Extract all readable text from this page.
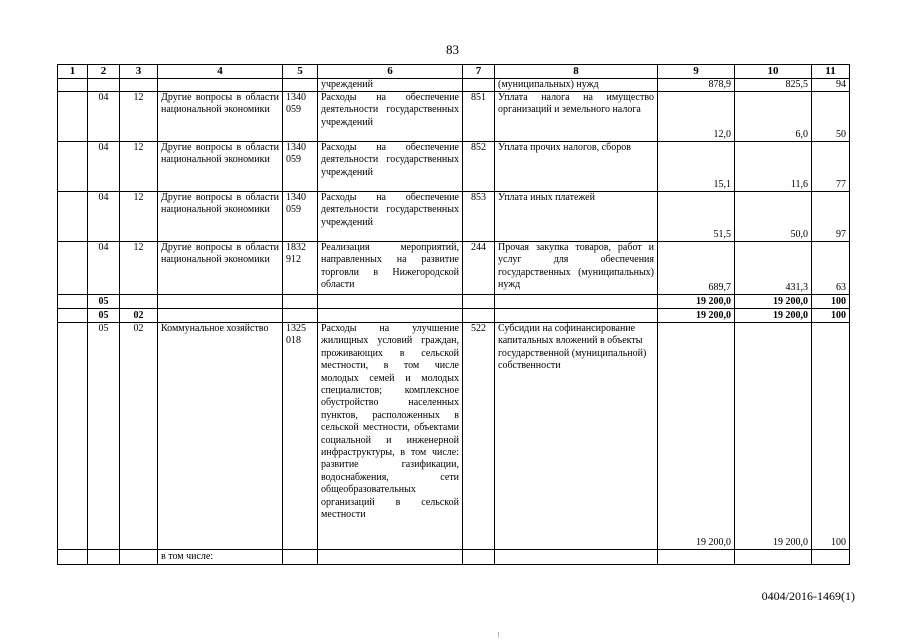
83
1	2	3	4	5	6	7	8	9	10	11
					учреждений		(муниципальных) нужд	878,9	825,5	94
	04	12	Другие вопросы в области национальной экономики	1340 059	Расходы на обеспечение деятельности государственных учреждений	851	Уплата налога на имущество организаций и земельного налога	12,0	6,0	50
	04	12	Другие вопросы в области национальной экономики	1340 059	Расходы на обеспечение деятельности государственных учреждений	852	Уплата прочих налогов, сборов	15,1	11,6	77
	04	12	Другие вопросы в области национальной экономики	1340 059	Расходы на обеспечение деятельности государственных учреждений	853	Уплата иных платежей	51,5	50,0	97
	04	12	Другие вопросы в области национальной экономики	1832 912	Реализация мероприятий, направленных на развитие торговли в Нижегородской области	244	Прочая закупка товаров, работ и услуг для обеспечения государственных (муниципальных) нужд	689,7	431,3	63
	05							19 200,0	19 200,0	100
	05	02						19 200,0	19 200,0	100
	05	02	Коммунальное хозяйство	1325 018	Расходы на улучшение жилищных условий граждан, проживающих в сельской местности, в том числе молодых семей и молодых специалистов; комплексное обустройство населенных пунктов, расположенных в сельской местности, объектами социальной и инженерной инфраструктуры, в том числе: развитие газификации, водоснабжения, сети общеобразовательных организаций в сельской местности	522	Субсидии на софинансирование капитальных вложений в объекты государственной (муниципальной) собственности	19 200,0	19 200,0	100
			в том числе:							
0404/2016-1469(1)
